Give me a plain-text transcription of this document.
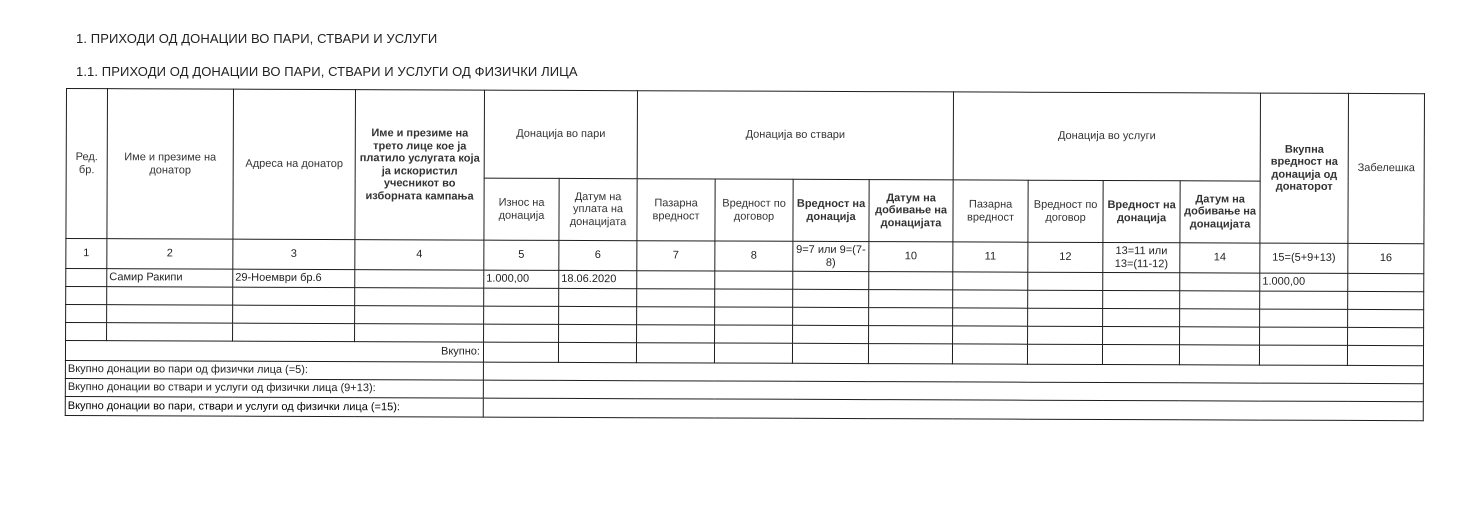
1. ПРИХОДИ ОД ДОНАЦИИ ВО ПАРИ, СТВАРИ И УСЛУГИ
1.1. ПРИХОДИ ОД ДОНАЦИИ ВО ПАРИ, СТВАРИ И УСЛУГИ ОД ФИЗИЧКИ ЛИЦА
Ред. бр.	Име и презиме на донатор	Адреса на донатор	Име и презиме на трето лице кое ја платило услугата која ја искористил учесникот во изборната кампања	Донација во пари		Донација во ствари				Донација во услуги				Вкупна вредност на донација од донаторот	Забелешка
				Износ на донација	Датум на уплата на донацијата	Пазарна вредност	Вредност по договор	Вредност на донација	Датум на добивање на донацијата	Пазарна вредност	Вредност по договор	Вредност на донација	Датум на добивање на донацијата		
1	2	3	4	5	6	7	8	9=7 или 9=(7-8)	10	11	12	13=11 или 13=(11-12)	14	15=(5+9+13)	16
	Самир Ракипи	29-Ноември бр.6		1.000,00	18.06.2020									1.000,00	

Вкупно:															
Вкупно донации во пари од физички лица (=5):															
Вкупно донации во ствари и услуги од физички лица (9+13):															
Вкупно донации во пари, ствари и услуги од физички лица (=15):															
